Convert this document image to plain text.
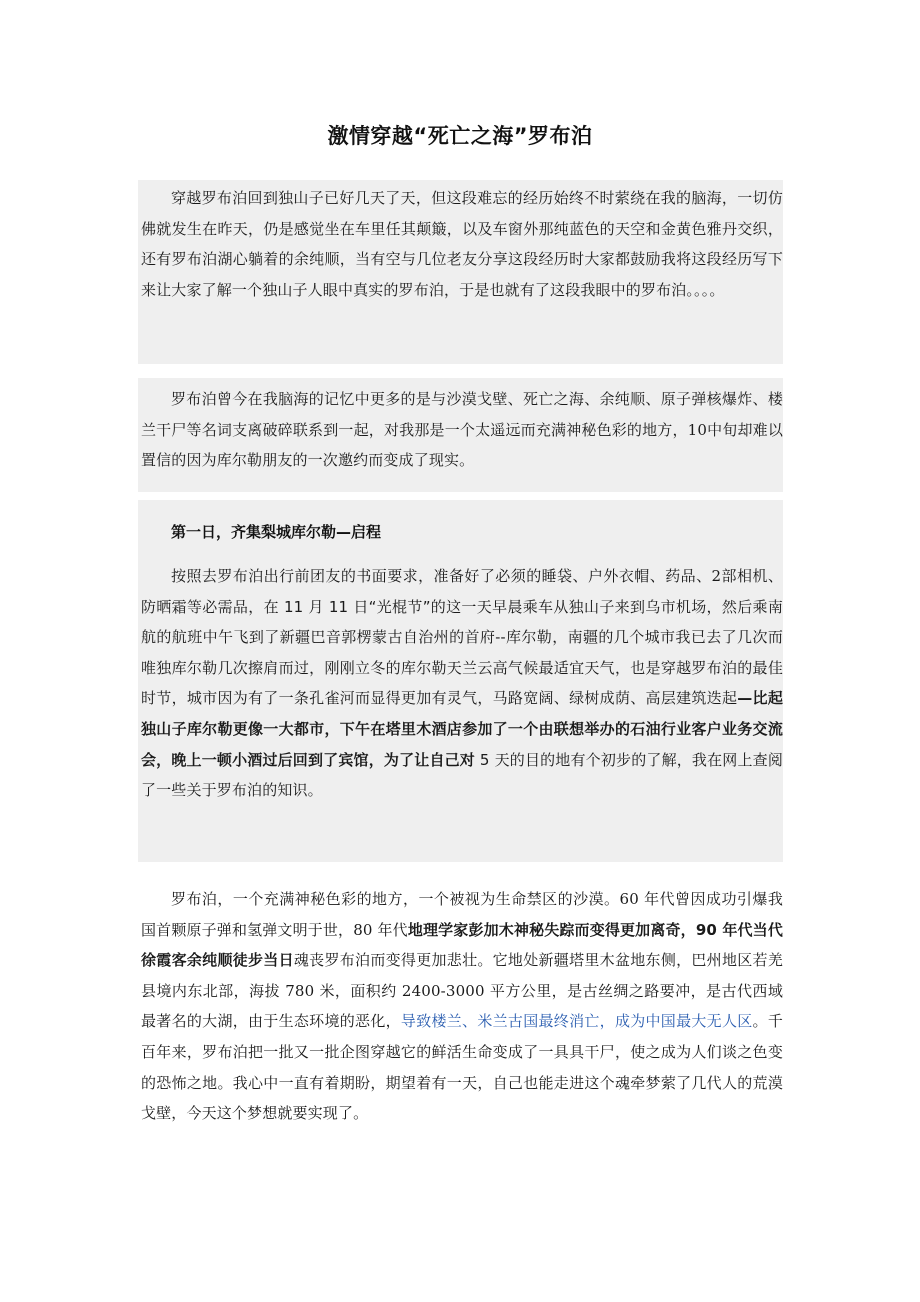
激情穿越“死亡之海”罗布泊

穿越罗布泊回到独山子已好几天了天，但这段难忘的经历始终不时萦绕在我的脑海，一切仿佛就发生在昨天，仍是感觉坐在车里任其颠簸，以及车窗外那纯蓝色的天空和金黄色雅丹交织，还有罗布泊湖心躺着的余纯顺，当有空与几位老友分享这段经历时大家都鼓励我将这段经历写下来让大家了解一个独山子人眼中真实的罗布泊，于是也就有了这段我眼中的罗布泊。。。。

罗布泊曾今在我脑海的记忆中更多的是与沙漠戈壁、死亡之海、余纯顺、原子弹核爆炸、楼兰干尸等名词支离破碎联系到一起，对我那是一个太遥远而充满神秘色彩的地方，10中旬却难以置信的因为库尔勒朋友的一次邀约而变成了现实。

第一日，齐集梨城库尔勒—启程

按照去罗布泊出行前团友的书面要求，准备好了必须的睡袋、户外衣帽、药品、2部相机、防晒霜等必需品，在 11 月 11 日“光棍节”的这一天早晨乘车从独山子来到乌市机场，然后乘南航的航班中午飞到了新疆巴音郭楞蒙古自治州的首府--库尔勒，南疆的几个城市我已去了几次而唯独库尔勒几次擦肩而过，刚刚立冬的库尔勒天兰云高气候最适宜天气，也是穿越罗布泊的最佳时节，城市因为有了一条孔雀河而显得更加有灵气，马路宽阔、绿树成荫、高层建筑迭起—比起独山子库尔勒更像一大都市，下午在塔里木酒店参加了一个由联想举办的石油行业客户业务交流会，晚上一顿小酒过后回到了宾馆，为了让自己对 5 天的目的地有个初步的了解，我在网上查阅了一些关于罗布泊的知识。

罗布泊，一个充满神秘色彩的地方，一个被视为生命禁区的沙漠。60 年代曾因成功引爆我国首颗原子弹和氢弹文明于世，80 年代地理学家彭加木神秘失踪而变得更加离奇，90 年代当代徐霞客余纯顺徒步当日魂丧罗布泊而变得更加悲壮。它地处新疆塔里木盆地东侧，巴州地区若羌县境内东北部，海拔 780 米，面积约 2400-3000 平方公里，是古丝绸之路要冲，是古代西域最著名的大湖，由于生态环境的恶化，导致楼兰、米兰古国最终消亡，成为中国最大无人区。千百年来，罗布泊把一批又一批企图穿越它的鲜活生命变成了一具具干尸，使之成为人们谈之色变的恐怖之地。我心中一直有着期盼，期望着有一天，自己也能走进这个魂牵梦萦了几代人的荒漠戈壁，今天这个梦想就要实现了。
